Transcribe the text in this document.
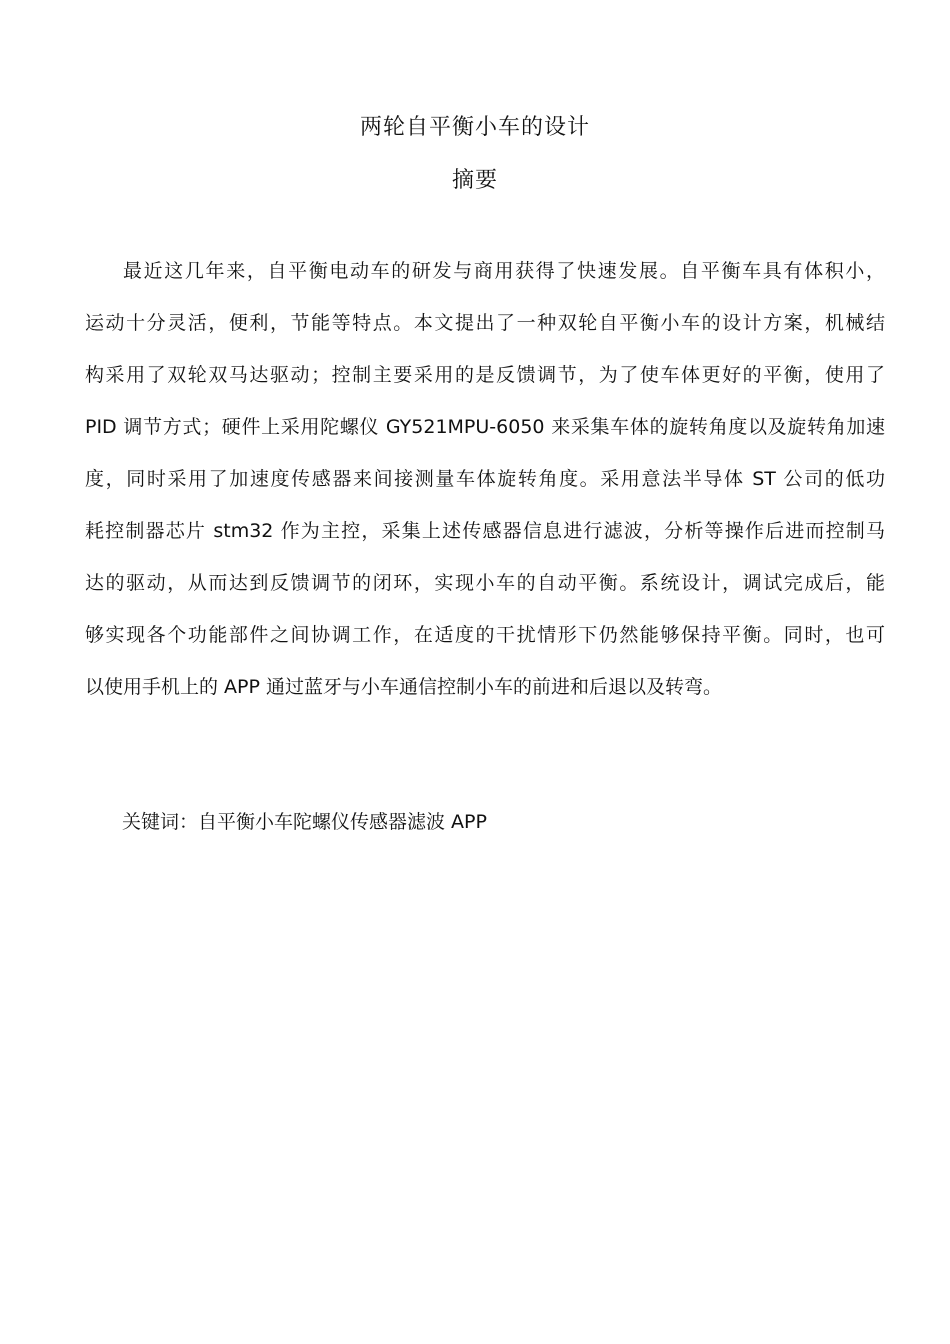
两轮自平衡小车的设计
摘要
最近这几年来，自平衡电动车的研发与商用获得了快速发展。自平衡车具有体积小，
运动十分灵活，便利，节能等特点。本文提出了一种双轮自平衡小车的设计方案，机械结
构采用了双轮双马达驱动；控制主要采用的是反馈调节，为了使车体更好的平衡，使用了
PID 调节方式；硬件上采用陀螺仪 GY521MPU-6050 来采集车体的旋转角度以及旋转角加速
度，同时采用了加速度传感器来间接测量车体旋转角度。采用意法半导体 ST 公司的低功
耗控制器芯片 stm32 作为主控，采集上述传感器信息进行滤波，分析等操作后进而控制马
达的驱动，从而达到反馈调节的闭环，实现小车的自动平衡。系统设计，调试完成后，能
够实现各个功能部件之间协调工作，在适度的干扰情形下仍然能够保持平衡。同时，也可
以使用手机上的 APP 通过蓝牙与小车通信控制小车的前进和后退以及转弯。
关键词：自平衡小车陀螺仪传感器滤波 APP
